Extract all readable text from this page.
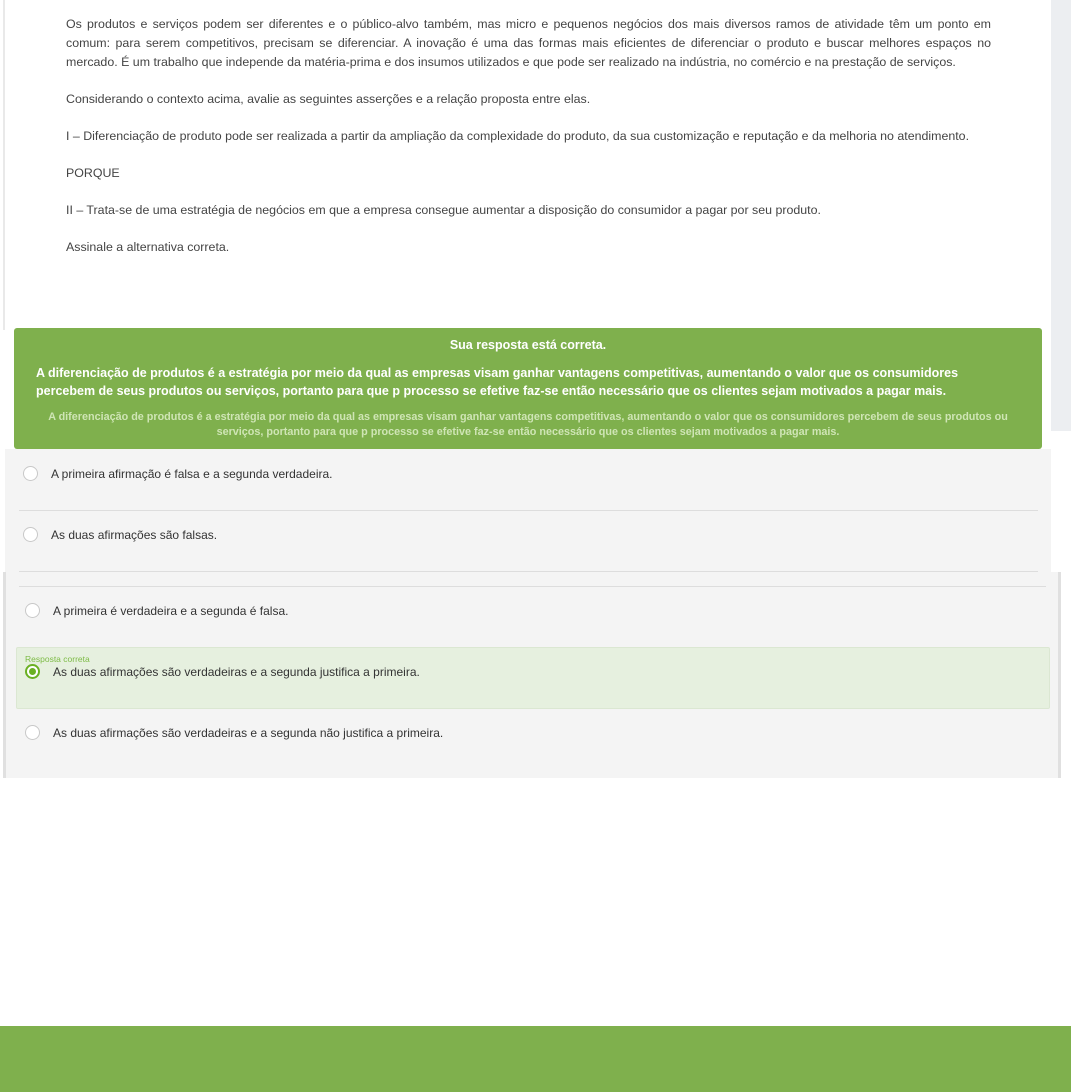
Os produtos e serviços podem ser diferentes e o público-alvo também, mas micro e pequenos negócios dos mais diversos ramos de atividade têm um ponto em comum: para serem competitivos, precisam se diferenciar. A inovação é uma das formas mais eficientes de diferenciar o produto e buscar melhores espaços no mercado. É um trabalho que independe da matéria-prima e dos insumos utilizados e que pode ser realizado na indústria, no comércio e na prestação de serviços.

Considerando o contexto acima, avalie as seguintes asserções e a relação proposta entre elas.

I – Diferenciação de produto pode ser realizada a partir da ampliação da complexidade do produto, da sua customização e reputação e da melhoria no atendimento.

PORQUE

II – Trata-se de uma estratégia de negócios em que a empresa consegue aumentar a disposição do consumidor a pagar por seu produto.

Assinale a alternativa correta.

Sua resposta está correta.
A diferenciação de produtos é a estratégia por meio da qual as empresas visam ganhar vantagens competitivas, aumentando o valor que os consumidores percebem de seus produtos ou serviços, portanto para que p processo se efetive faz-se então necessário que os clientes sejam motivados a pagar mais.
A diferenciação de produtos é a estratégia por meio da qual as empresas visam ganhar vantagens competitivas, aumentando o valor que os consumidores percebem de seus produtos ou serviços, portanto para que p processo se efetive faz-se então necessário que os clientes sejam motivados a pagar mais.
A primeira afirmação é falsa e a segunda verdadeira.
As duas afirmações são falsas.
A primeira é verdadeira e a segunda é falsa.
Resposta correta
As duas afirmações são verdadeiras e a segunda justifica a primeira.
As duas afirmações são verdadeiras e a segunda não justifica a primeira.
